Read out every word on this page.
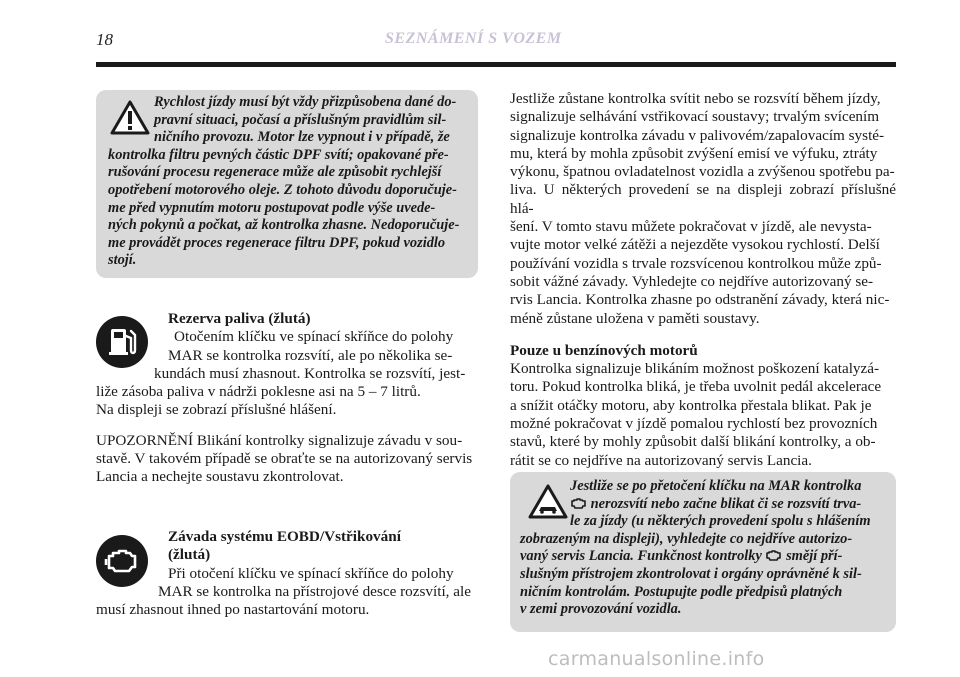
18	SEZNÁMENÍ S VOZEM
Rychlost jízdy musí být vždy přizpůsobena dané do-
pravní situaci, počasí a příslušným pravidlům sil-
ničního provozu. Motor lze vypnout i v případě, že
kontrolka filtru pevných částic DPF svítí; opakované pře-
rušování procesu regenerace může ale způsobit rychlejší
opotřebení motorového oleje. Z tohoto důvodu doporučuje-
me před vypnutím motoru postupovat podle výše uvede-
ných pokynů a počkat, až kontrolka zhasne. Nedoporučuje-
me provádět proces regenerace filtru DPF, pokud vozidlo
stojí.
Rezerva paliva (žlutá)
Otočením klíčku ve spínací skříňce do polohy
MAR se kontrolka rozsvítí, ale po několika se-
kundách musí zhasnout. Kontrolka se rozsvítí, jest-
liže zásoba paliva v nádrži poklesne asi na 5 – 7 litrů.
Na displeji se zobrazí příslušné hlášení.
UPOZORNĚNÍ Blikání kontrolky signalizuje závadu v sou-
stavě. V takovém případě se obraťte se na autorizovaný servis
Lancia a nechejte soustavu zkontrolovat.
Závada systému EOBD/Vstřikování
(žlutá)
Při otočení klíčku ve spínací skříňce do polohy
MAR se kontrolka na přístrojové desce rozsvítí, ale
musí zhasnout ihned po nastartování motoru.
Jestliže zůstane kontrolka svítit nebo se rozsvítí během jízdy,
signalizuje selhávání vstřikovací soustavy; trvalým svícením
signalizuje kontrolka závadu v palivovém/zapalovacím systé-
mu, která by mohla způsobit zvýšení emisí ve výfuku, ztráty
výkonu, špatnou ovladatelnost vozidla a zvýšenou spotřebu pa-
liva. U některých provedení se na displeji zobrazí příslušné hlá-
šení. V tomto stavu můžete pokračovat v jízdě, ale nevysta-
vujte motor velké zátěži a nejezděte vysokou rychlostí. Delší
používání vozidla s trvale rozsvícenou kontrolkou může způ-
sobit vážné závady. Vyhledejte co nejdříve autorizovaný se-
rvis Lancia. Kontrolka zhasne po odstranění závady, která nic-
méně zůstane uložena v paměti soustavy.
Pouze u benzínových motorů
Kontrolka signalizuje blikáním možnost poškození katalyzá-
toru. Pokud kontrolka bliká, je třeba uvolnit pedál akcelerace
a snížit otáčky motoru, aby kontrolka přestala blikat. Pak je
možné pokračovat v jízdě pomalou rychlostí bez provozních
stavů, které by mohly způsobit další blikání kontrolky, a ob-
rátit se co nejdříve na autorizovaný servis Lancia.
Jestliže se po přetočení klíčku na MAR kontrolka
nerozsvítí nebo začne blikat či se rozsvítí trva-
le za jízdy (u některých provedení spolu s hlášením
zobrazeným na displeji), vyhledejte co nejdříve autorizo-
vaný servis Lancia. Funkčnost kontrolky  smějí pří-
slušným přístrojem zkontrolovat i orgány oprávněné k sil-
ničním kontrolám. Postupujte podle předpisů platných
v zemi provozování vozidla.
carmanualsonline.info
